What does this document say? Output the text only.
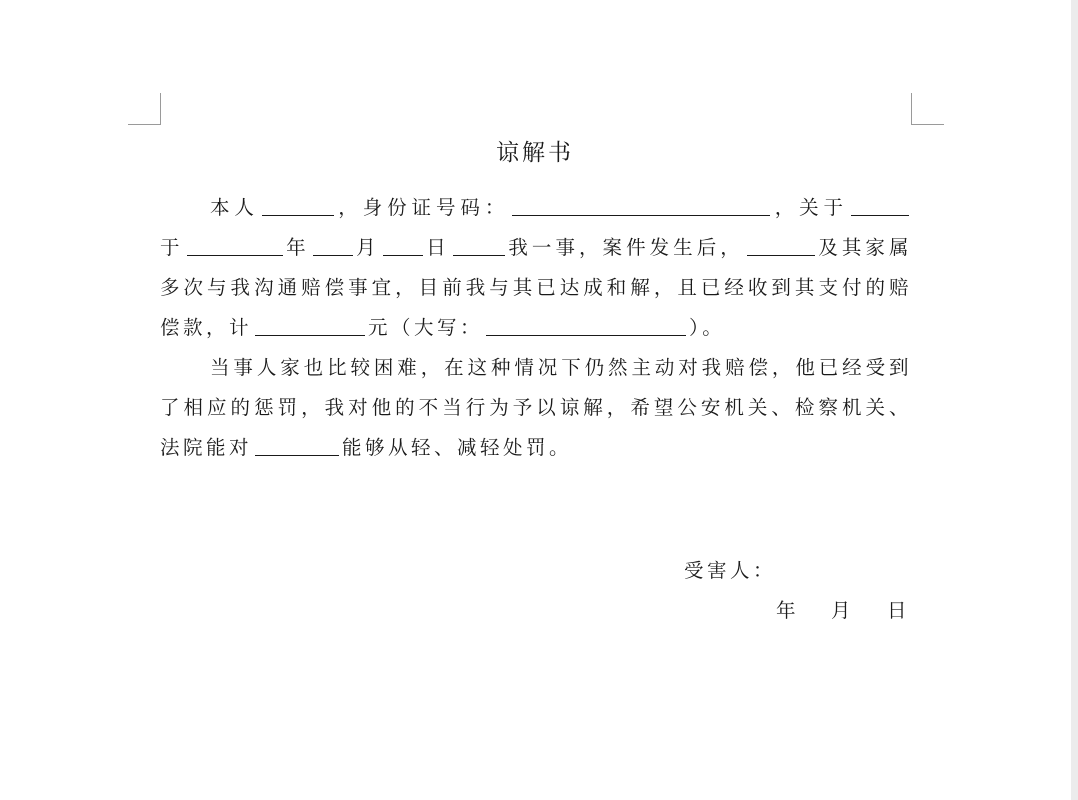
谅解书

本人	，身份证号码：	，关于于	年 月 日	我一事，案件发生后，	及其家属多次与我沟通赔偿事宜，目前我与其已达成和解，且已经收到其支付的赔偿款，计	元（大写：	）。

当事人家也比较困难，在这种情况下仍然主动对我赔偿，他已经受到了相应的惩罚，我对他的不当行为予以谅解，希望公安机关、检察机关、法院能对	能够从轻、减轻处罚。

受害人：
年 月 日
